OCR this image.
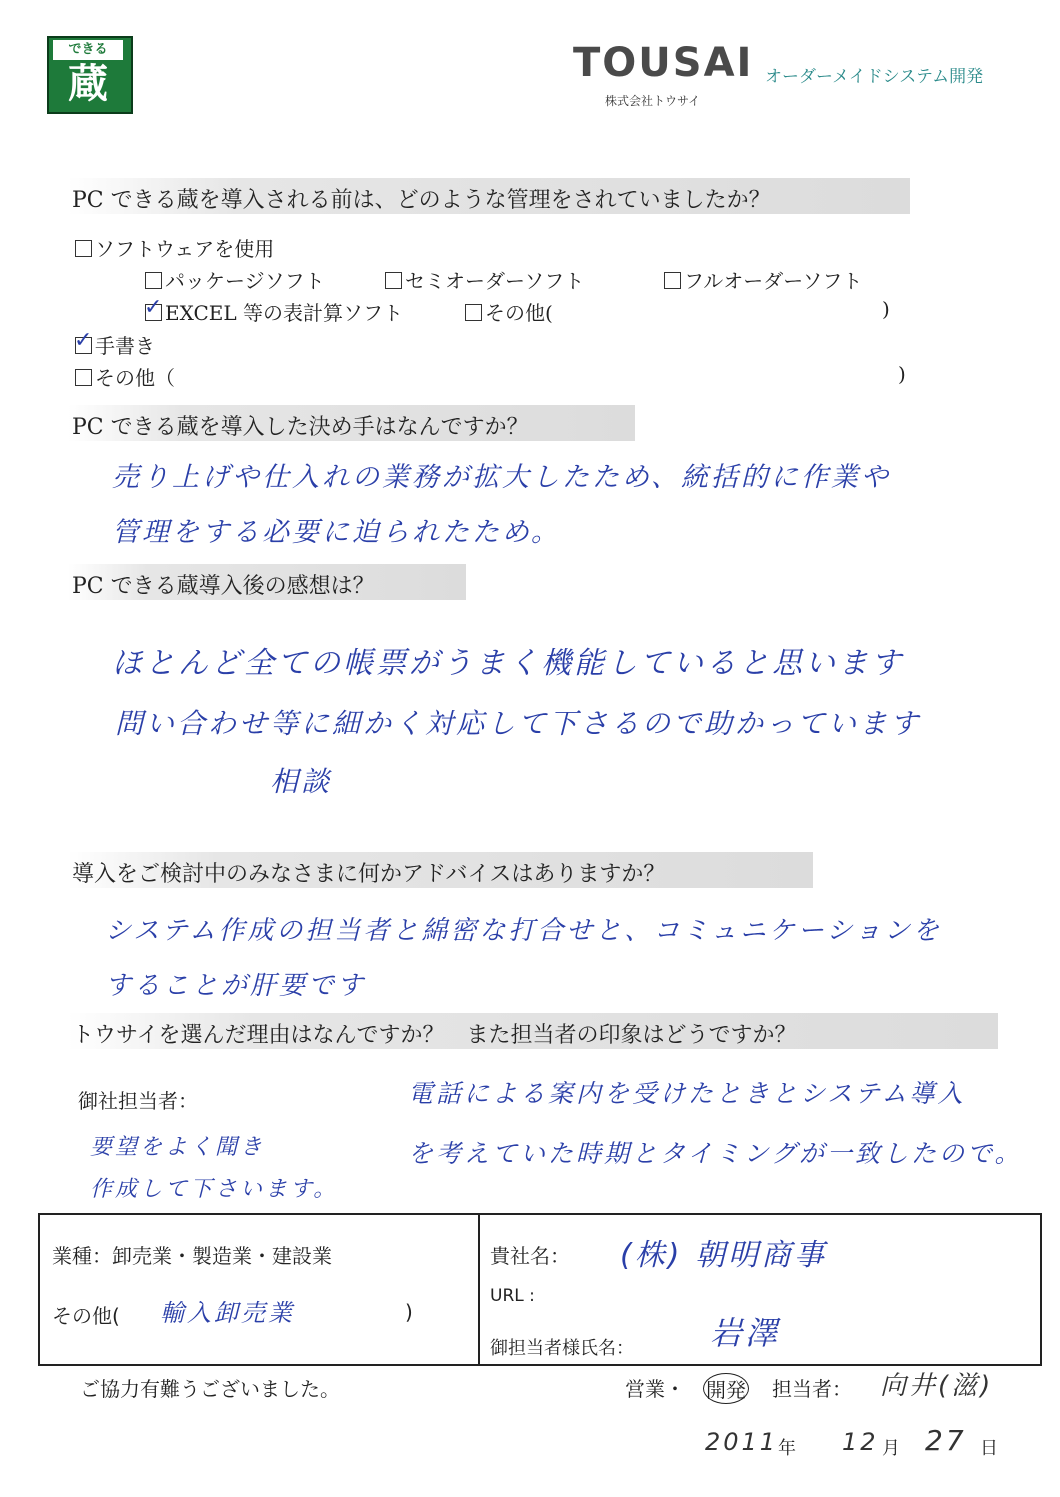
できる
蔵	TOUSAI オーダーメイドシステム開発
株式会社トウサイ
PC できる蔵を導入される前は、どのような管理をされていましたか？
ソフトウェアを使用
パッケージソフト	セミオーダーソフト	フルオーダーソフト
✓EXCEL 等の表計算ソフト	その他(	)
✓手書き
その他（	)
PC できる蔵を導入した決め手はなんですか？
売り上げや仕入れの業務が拡大したため、統括的に作業や
管理をする必要に迫られたため。
PC できる蔵導入後の感想は？
ほとんど全ての帳票がうまく機能していると思います
問い合わせ等に細かく対応して下さるので助かっています
相談
導入をご検討中のみなさまに何かアドバイスはありますか？
システム作成の担当者と綿密な打合せと、コミュニケーションを
することが肝要です
トウサイを選んだ理由はなんですか？　また担当者の印象はどうですか？
御社担当者：
要望をよく聞き
作成して下さいます。
電話による案内を受けたときとシステム導入
を考えていた時期とタイミングが一致したので。
業種：卸売業・製造業・建設業
その他( 輸入卸売業	)
貴社名： (株) 朝明商事
URL :
御担当者様氏名： 岩澤
ご協力有難うございました。	営業・ 開発 担当者： 向井(滋)
2011 年 12 月 27 日
